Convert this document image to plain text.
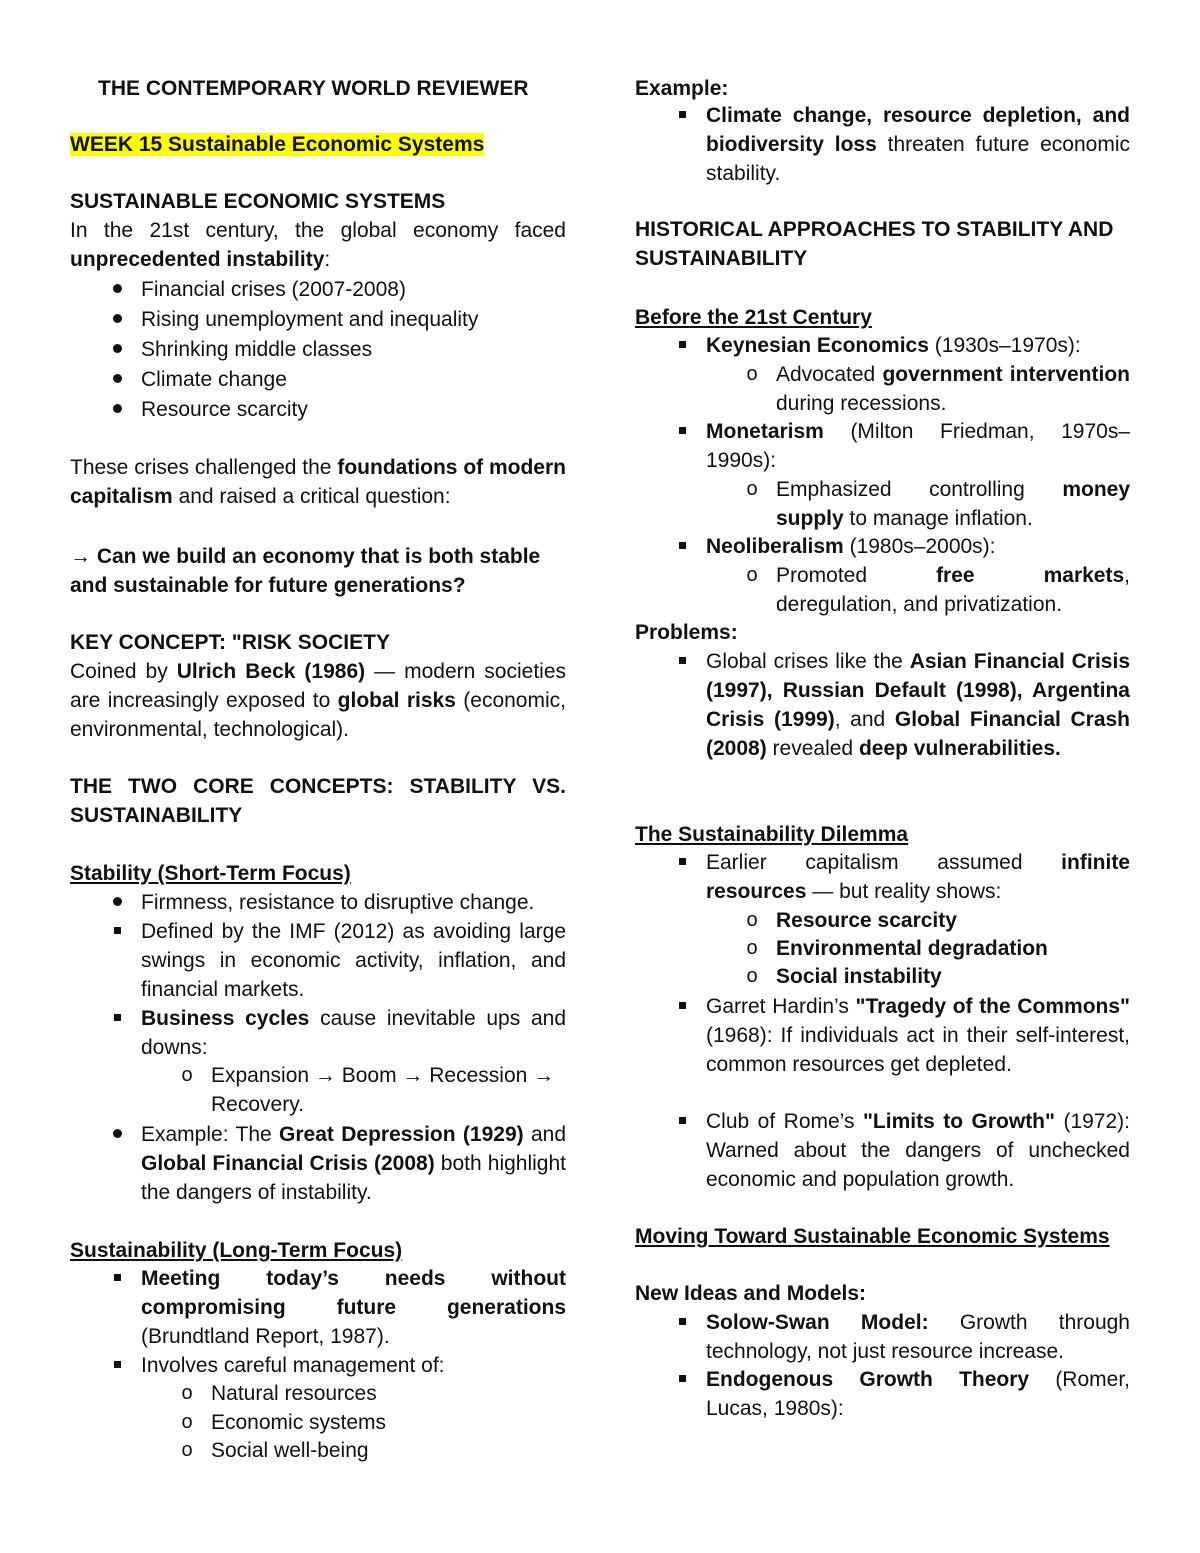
THE CONTEMPORARY WORLD REVIEWER
WEEK 15 Sustainable Economic Systems
SUSTAINABLE ECONOMIC SYSTEMS
In the 21st century, the global economy faced unprecedented instability:
Financial crises (2007-2008)
Rising unemployment and inequality
Shrinking middle classes
Climate change
Resource scarcity
These crises challenged the foundations of modern capitalism and raised a critical question:
→ Can we build an economy that is both stable and sustainable for future generations?
KEY CONCEPT: "RISK SOCIETY
Coined by Ulrich Beck (1986) — modern societies are increasingly exposed to global risks (economic, environmental, technological).
THE TWO CORE CONCEPTS: STABILITY VS. SUSTAINABILITY
Stability (Short-Term Focus)
Firmness, resistance to disruptive change.
Defined by the IMF (2012) as avoiding large swings in economic activity, inflation, and financial markets.
Business cycles cause inevitable ups and downs:
o Expansion → Boom → Recession → Recovery.
Example: The Great Depression (1929) and Global Financial Crisis (2008) both highlight the dangers of instability.
Sustainability (Long-Term Focus)
Meeting today’s needs without compromising future generations (Brundtland Report, 1987).
Involves careful management of:
o Natural resources
o Economic systems
o Social well-being
Example:
Climate change, resource depletion, and biodiversity loss threaten future economic stability.
HISTORICAL APPROACHES TO STABILITY AND SUSTAINABILITY
Before the 21st Century
Keynesian Economics (1930s–1970s):
o Advocated government intervention during recessions.
Monetarism (Milton Friedman, 1970s–1990s):
o Emphasized controlling money supply to manage inflation.
Neoliberalism (1980s–2000s):
o Promoted	free markets, deregulation, and privatization.
Problems:
Global crises like the Asian Financial Crisis (1997), Russian Default (1998), Argentina Crisis (1999), and Global Financial Crash (2008) revealed deep vulnerabilities.
The Sustainability Dilemma
Earlier capitalism assumed infinite resources — but reality shows:
o Resource scarcity
o Environmental degradation
o Social instability
Garret Hardin’s "Tragedy of the Commons" (1968): If individuals act in their self-interest, common resources get depleted.
Club of Rome’s "Limits to Growth" (1972): Warned about the dangers of unchecked economic and population growth.
Moving Toward Sustainable Economic Systems
New Ideas and Models:
Solow-Swan Model: Growth through technology, not just resource increase.
Endogenous Growth Theory (Romer, Lucas, 1980s):
